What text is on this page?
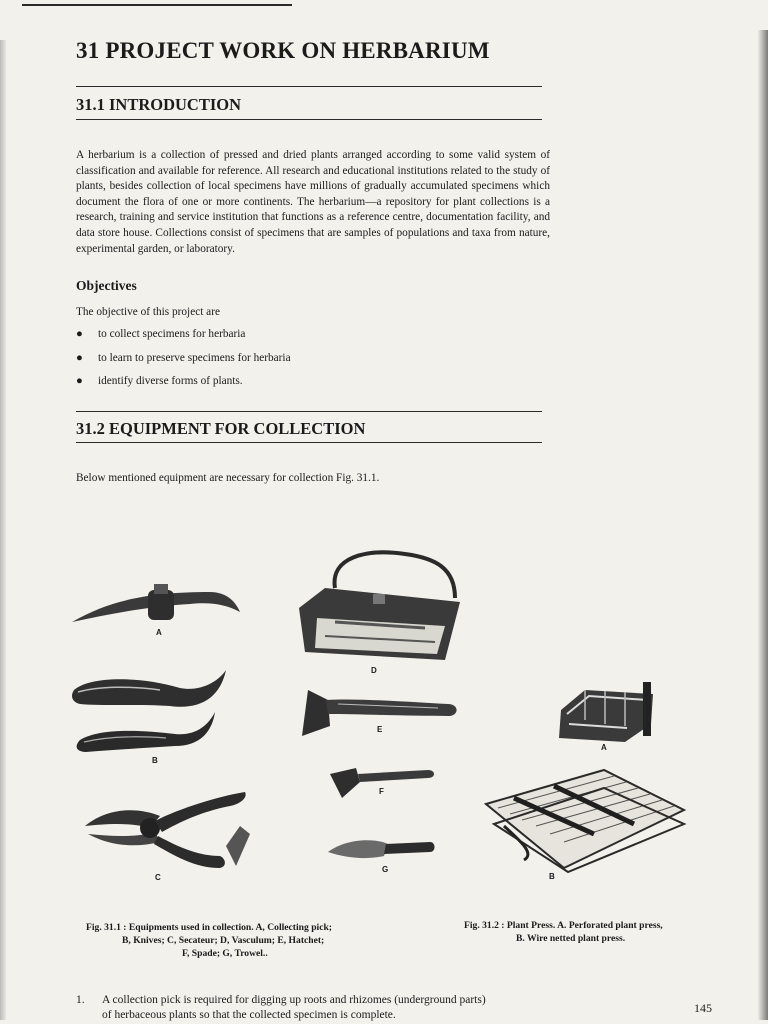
31 PROJECT WORK ON HERBARIUM
31.1 INTRODUCTION
A herbarium is a collection of pressed and dried plants arranged according to some valid system of classification and available for reference. All research and educational institutions related to the study of plants, besides collection of local specimens have millions of gradually accumulated specimens which document the flora of one or more continents. The herbarium—a repository for plant collections is a research, training and service institution that functions as a reference centre, documentation facility, and data store house. Collections consist of specimens that are samples of populations and taxa from nature, experimental garden, or laboratory.
Objectives
The objective of this project are
● to collect specimens for herbaria
● to learn to preserve specimens for herbaria
● identify diverse forms of plants.
31.2 EQUIPMENT FOR COLLECTION
Below mentioned equipment are necessary for collection Fig. 31.1.
A
B
C
D
E
F
G
A
B
Fig. 31.1 : Equipments used in collection. A, Collecting pick;
B, Knives; C, Secateur; D, Vasculum; E, Hatchet;
F, Spade; G, Trowel..
Fig. 31.2 : Plant Press. A. Perforated plant press,
B. Wire netted plant press.
1. A collection pick is required for digging up roots and rhizomes (underground parts)
of herbaceous plants so that the collected specimen is complete.	145
